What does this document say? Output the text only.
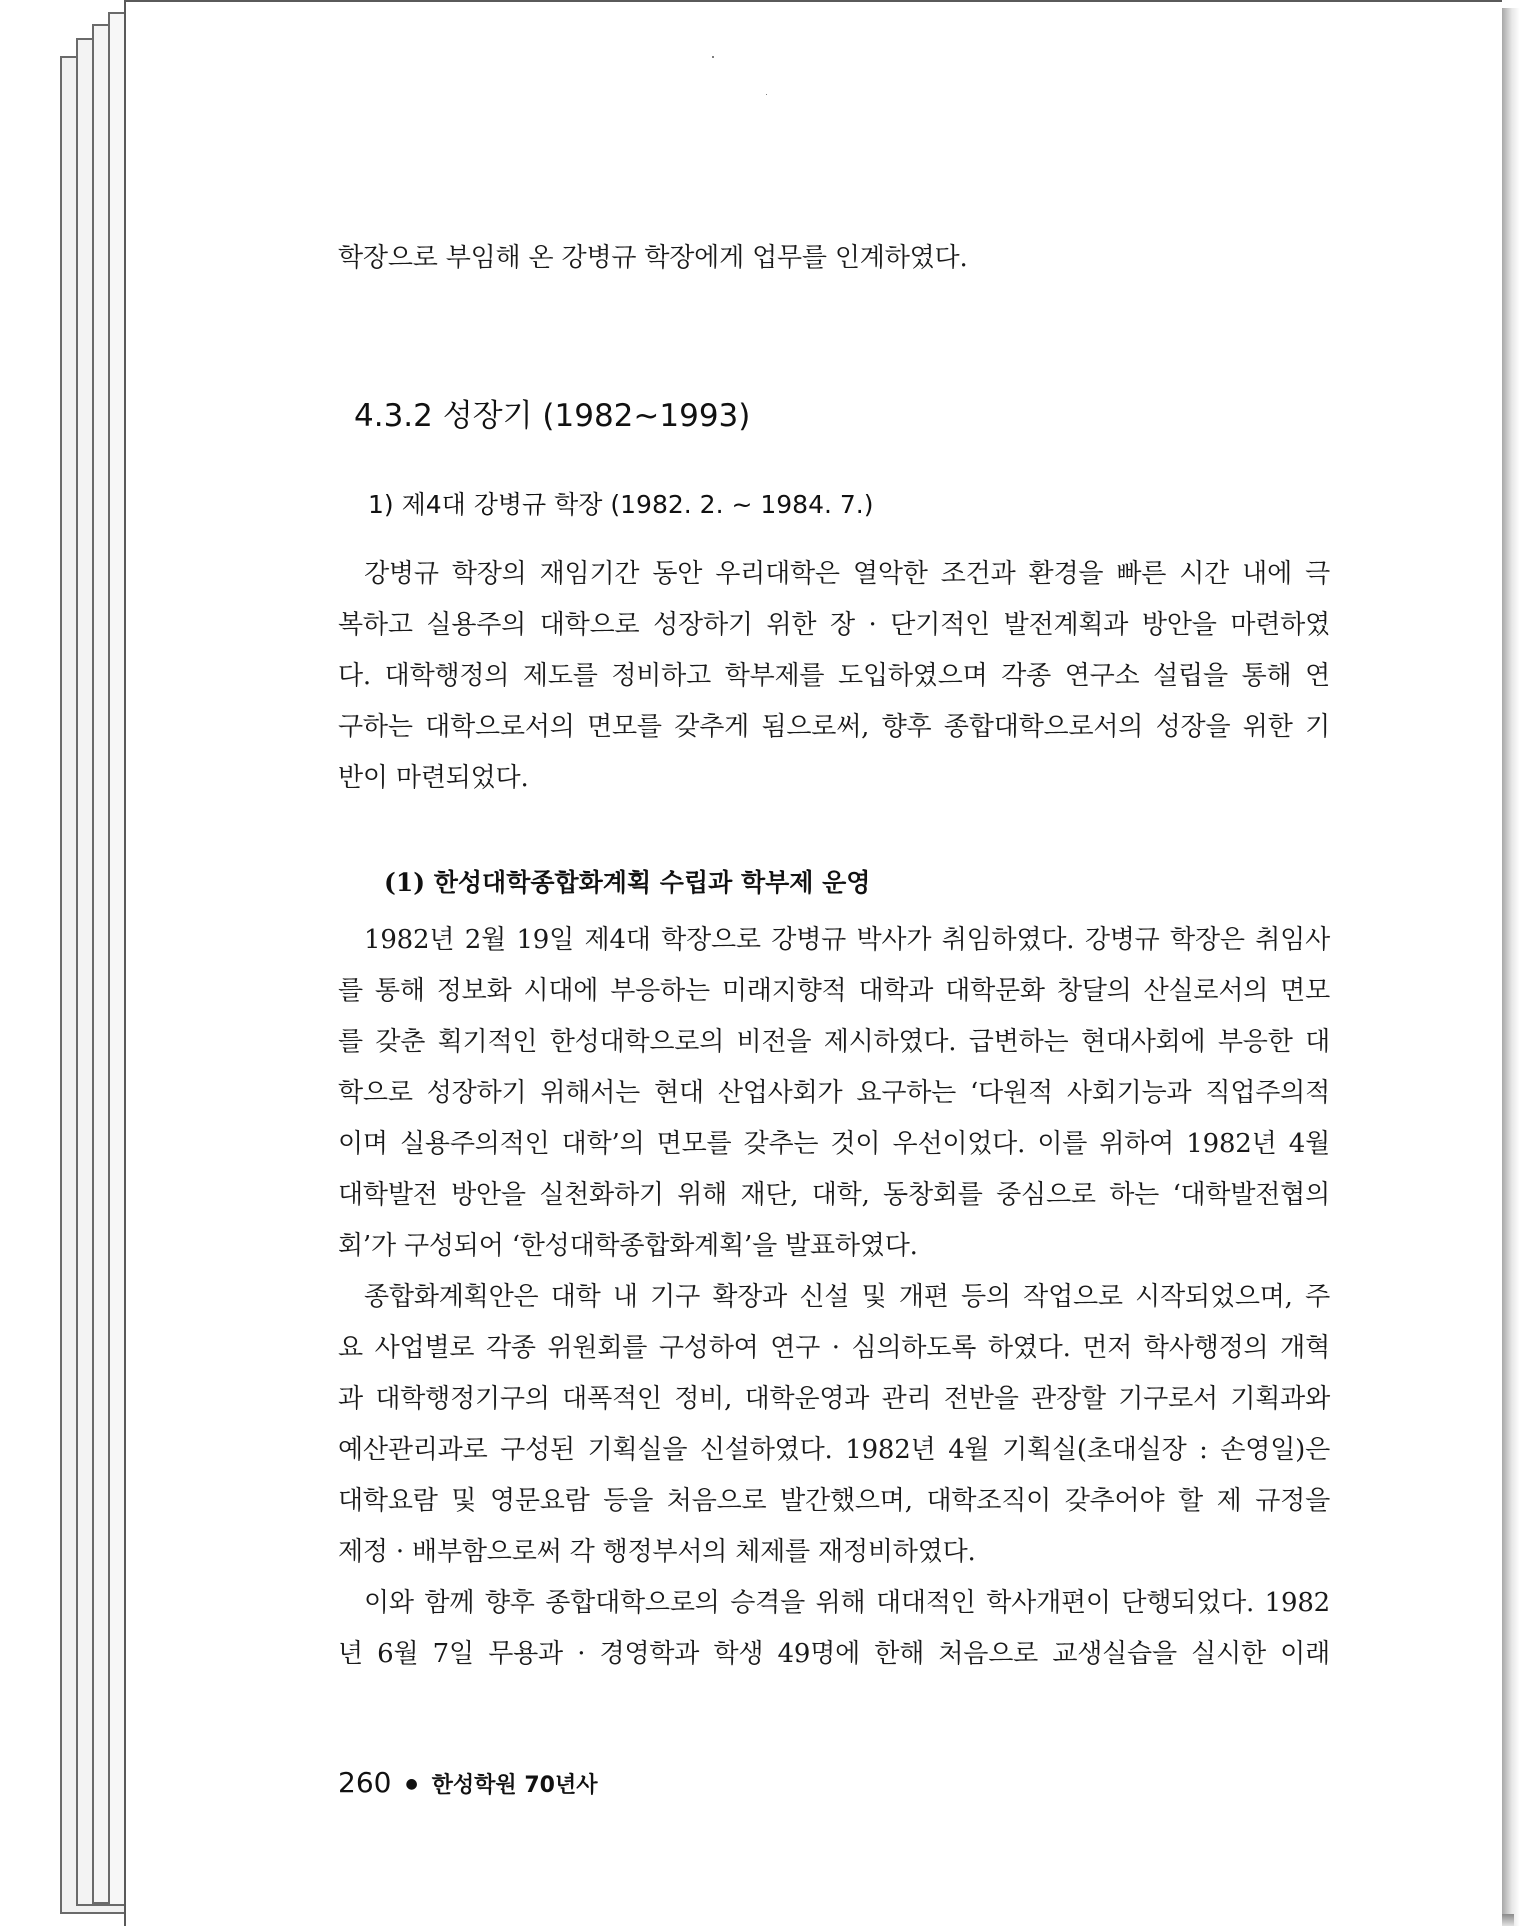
학장으로 부임해 온 강병규 학장에게 업무를 인계하였다.
4.3.2 성장기 (1982~1993)
1) 제4대 강병규 학장 (1982. 2. ~ 1984. 7.)
강병규 학장의 재임기간 동안 우리대학은 열악한 조건과 환경을 빠른 시간 내에 극
복하고 실용주의 대학으로 성장하기 위한 장 · 단기적인 발전계획과 방안을 마련하였
다. 대학행정의 제도를 정비하고 학부제를 도입하였으며 각종 연구소 설립을 통해 연
구하는 대학으로서의 면모를 갖추게 됨으로써, 향후 종합대학으로서의 성장을 위한 기
반이 마련되었다.
(1) 한성대학종합화계획 수립과 학부제 운영
1982년 2월 19일 제4대 학장으로 강병규 박사가 취임하였다. 강병규 학장은 취임사
를 통해 정보화 시대에 부응하는 미래지향적 대학과 대학문화 창달의 산실로서의 면모
를 갖춘 획기적인 한성대학으로의 비전을 제시하였다. 급변하는 현대사회에 부응한 대
학으로 성장하기 위해서는 현대 산업사회가 요구하는 ‘다원적 사회기능과 직업주의적
이며 실용주의적인 대학’의 면모를 갖추는 것이 우선이었다. 이를 위하여 1982년 4월
대학발전 방안을 실천화하기 위해 재단, 대학, 동창회를 중심으로 하는 ‘대학발전협의
회’가 구성되어 ‘한성대학종합화계획’을 발표하였다.
종합화계획안은 대학 내 기구 확장과 신설 및 개편 등의 작업으로 시작되었으며, 주
요 사업별로 각종 위원회를 구성하여 연구 · 심의하도록 하였다. 먼저 학사행정의 개혁
과 대학행정기구의 대폭적인 정비, 대학운영과 관리 전반을 관장할 기구로서 기획과와
예산관리과로 구성된 기획실을 신설하였다. 1982년 4월 기획실(초대실장 : 손영일)은
대학요람 및 영문요람 등을 처음으로 발간했으며, 대학조직이 갖추어야 할 제 규정을
제정 · 배부함으로써 각 행정부서의 체제를 재정비하였다.
이와 함께 향후 종합대학으로의 승격을 위해 대대적인 학사개편이 단행되었다. 1982
년 6월 7일 무용과 · 경영학과 학생 49명에 한해 처음으로 교생실습을 실시한 이래
260 ● 한성학원 70년사
